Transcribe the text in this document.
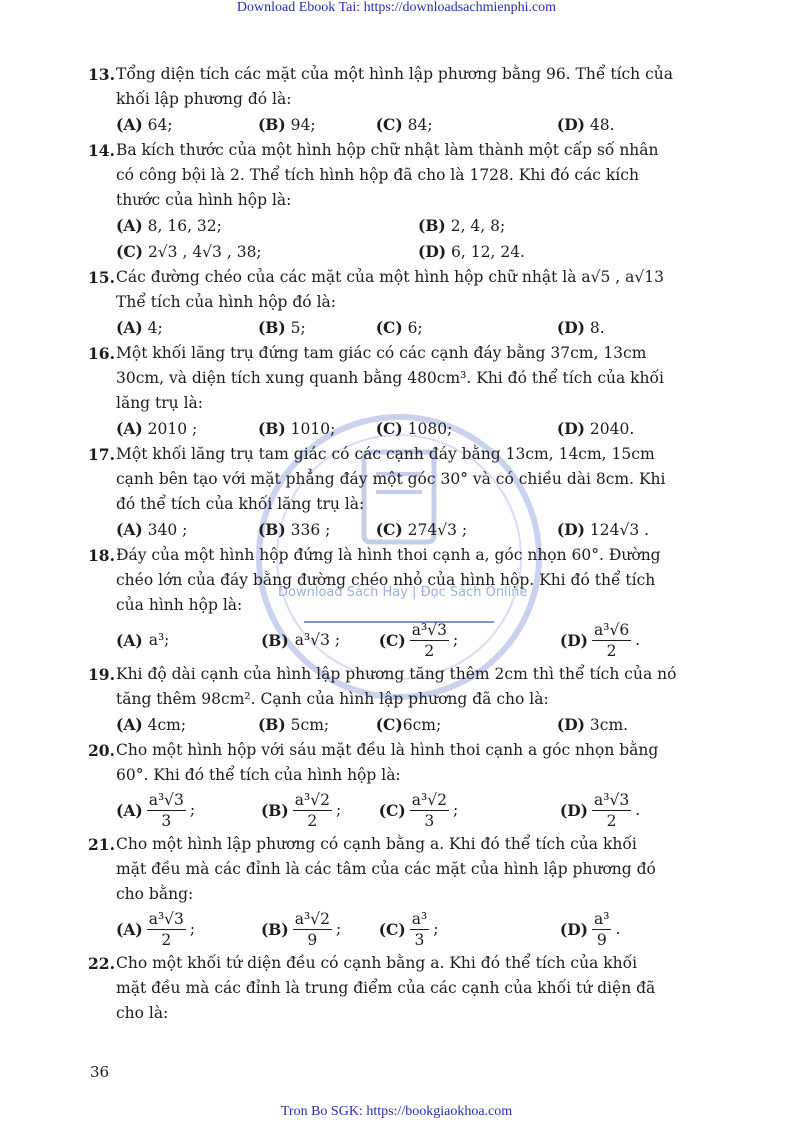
Download Ebook Tai: https://downloadsachmienphi.com
Download Sách Hay | Đọc Sách Online
13. Tổng diện tích các mặt của một hình lập phương bằng 96. Thể tích của
khối lập phương đó là:
(A) 64;	(B) 94;	(C) 84;	(D) 48.
14. Ba kích thước của một hình hộp chữ nhật làm thành một cấp số nhân
có công bội là 2. Thể tích hình hộp đã cho là 1728. Khi đó các kích
thước của hình hộp là:
(A) 8, 16, 32;	(B) 2, 4, 8;
(C) 2√3 , 4√3 , 38;	(D) 6, 12, 24.
15. Các đường chéo của các mặt của một hình hộp chữ nhật là a√5 , a√13
Thể tích của hình hộp đó là:
(A) 4;	(B) 5;	(C) 6;	(D) 8.
16. Một khối lăng trụ đứng tam giác có các cạnh đáy bằng 37cm, 13cm
30cm, và diện tích xung quanh bằng 480cm³. Khi đó thể tích của khối
lăng trụ là:
(A) 2010 ;	(B) 1010;	(C) 1080;	(D) 2040.
17. Một khối lăng trụ tam giác có các cạnh đáy bằng 13cm, 14cm, 15cm
cạnh bên tạo với mặt phẳng đáy một góc 30° và có chiều dài 8cm. Khi
đó thể tích của khối lăng trụ là:
(A) 340 ;	(B) 336 ;	(C) 274√3 ;	(D) 124√3 .
18. Đáy của một hình hộp đứng là hình thoi cạnh a, góc nhọn 60°. Đường
chéo lớn của đáy bằng đường chéo nhỏ của hình hộp. Khi đó thể tích
của hình hộp là:
(A) a³;	(B) a³√3 ; $(C) \frac{\text{a³√3}}{2}$ ;	$(D) \frac{\text{a³√6}}{2}$ .
19. Khi độ dài cạnh của hình lập phương tăng thêm 2cm thì thể tích của nó
tăng thêm 98cm². Cạnh của hình lập phương đã cho là:
(A) 4cm;	(B) 5cm;	(C)6cm;	(D) 3cm.
20. Cho một hình hộp với sáu mặt đều là hình thoi cạnh a góc nhọn bằng
60°. Khi đó thể tích của hình hộp là:
$(A) \frac{\text{a³√3}}{3}$ ;	$(B) \frac{\text{a³√2}}{2}$ ; $(C) \frac{\text{a³√2}}{3}$ ;	$(D) \frac{\text{a³√3}}{2}$ .
21. Cho một hình lập phương có cạnh bằng a. Khi đó thể tích của khối
mặt đều mà các đỉnh là các tâm của các mặt của hình lập phương đó
cho bằng:
$(A) \frac{\text{a³√3}}{2}$ ;	$(B) \frac{\text{a³√2}}{9}$ ; $(C) \frac{\text{a³}}{3}$ ;	$(D) \frac{\text{a³}}{9}$ .
22. Cho một khối tứ diện đều có cạnh bằng a. Khi đó thể tích của khối
mặt đều mà các đỉnh là trung điểm của các cạnh của khối tứ diện đã
cho là:
36
Tron Bo SGK: https://bookgiaokhoa.com
